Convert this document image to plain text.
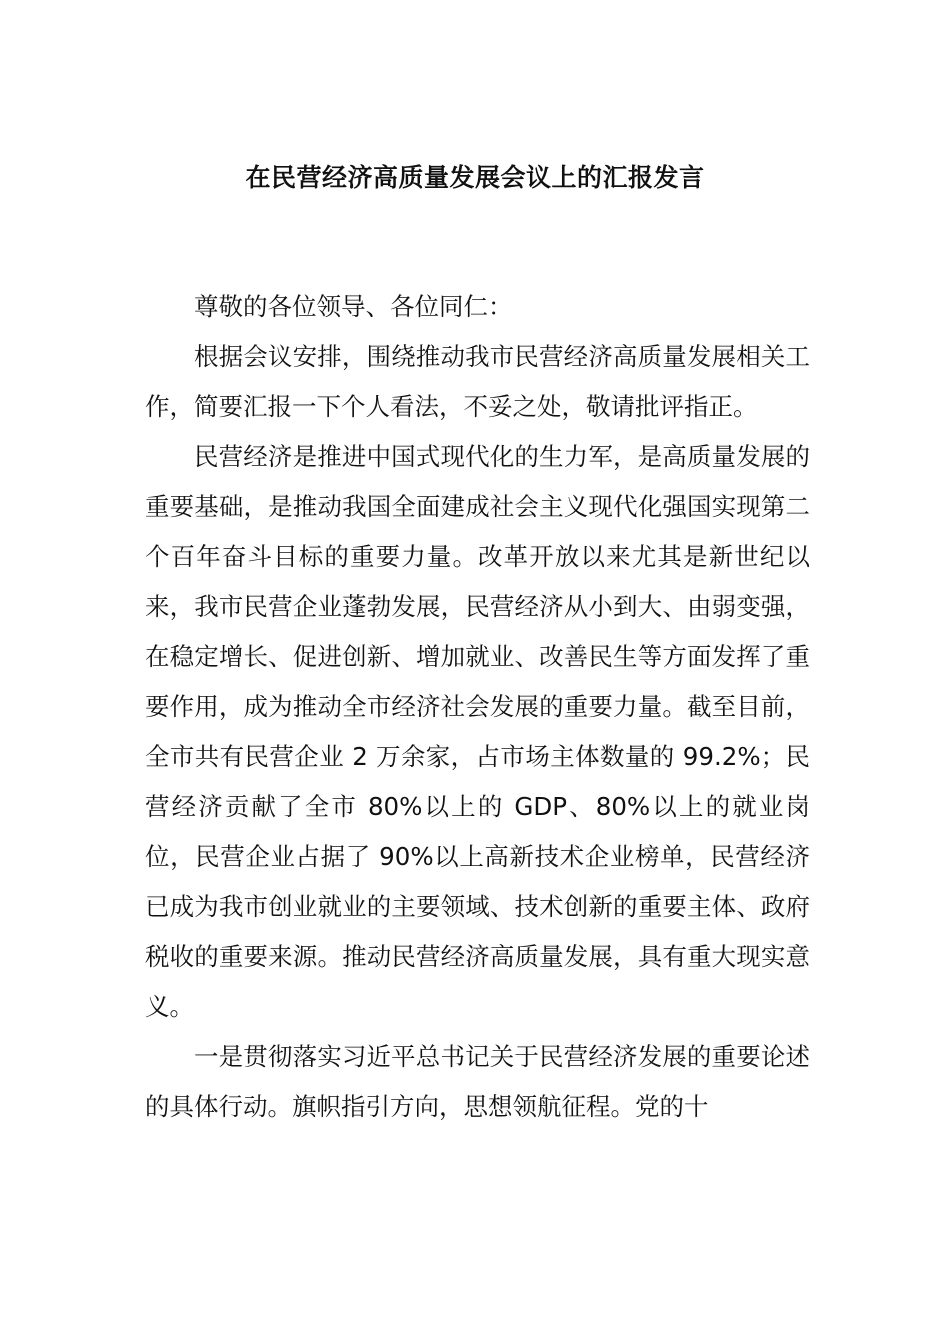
在民营经济高质量发展会议上的汇报发言

尊敬的各位领导、各位同仁：

根据会议安排，围绕推动我市民营经济高质量发展相关工作，简要汇报一下个人看法，不妥之处，敬请批评指正。

民营经济是推进中国式现代化的生力军，是高质量发展的重要基础，是推动我国全面建成社会主义现代化强国实现第二个百年奋斗目标的重要力量。改革开放以来尤其是新世纪以来，我市民营企业蓬勃发展，民营经济从小到大、由弱变强，在稳定增长、促进创新、增加就业、改善民生等方面发挥了重要作用，成为推动全市经济社会发展的重要力量。截至目前，全市共有民营企业 2 万余家，占市场主体数量的 99.2%；民营经济贡献了全市 80%以上的 GDP、80%以上的就业岗位，民营企业占据了 90%以上高新技术企业榜单，民营经济已成为我市创业就业的主要领域、技术创新的重要主体、政府税收的重要来源。推动民营经济高质量发展，具有重大现实意义。

一是贯彻落实习近平总书记关于民营经济发展的重要论述的具体行动。旗帜指引方向，思想领航征程。党的十
